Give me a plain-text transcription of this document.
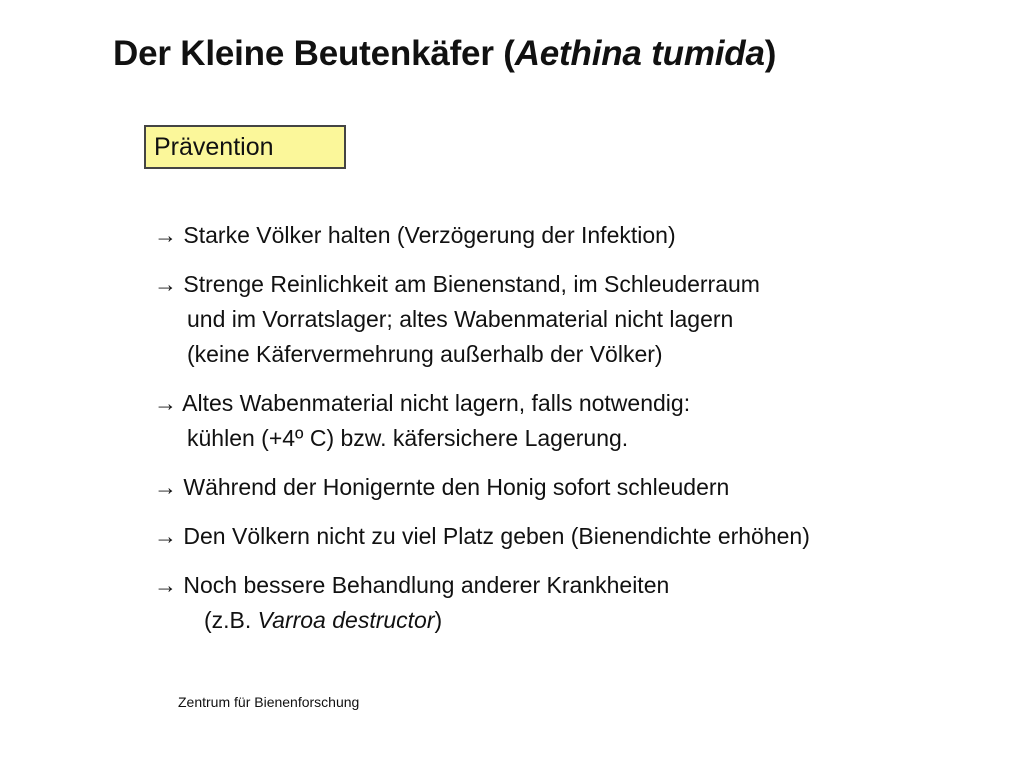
Der Kleine Beutenkäfer (Aethina tumida)
Prävention
→ Starke Völker halten (Verzögerung der Infektion)
→ Strenge Reinlichkeit am Bienenstand, im Schleuderraum
und im Vorratslager; altes Wabenmaterial nicht lagern
(keine Käfervermehrung außerhalb der Völker)
→ Altes Wabenmaterial nicht lagern, falls notwendig:
kühlen (+4º C) bzw. käfersichere Lagerung.
→ Während der Honigernte den Honig sofort schleudern
→ Den Völkern nicht zu viel Platz geben (Bienendichte erhöhen)
→ Noch bessere Behandlung anderer Krankheiten
(z.B. Varroa destructor)
Zentrum für Bienenforschung
